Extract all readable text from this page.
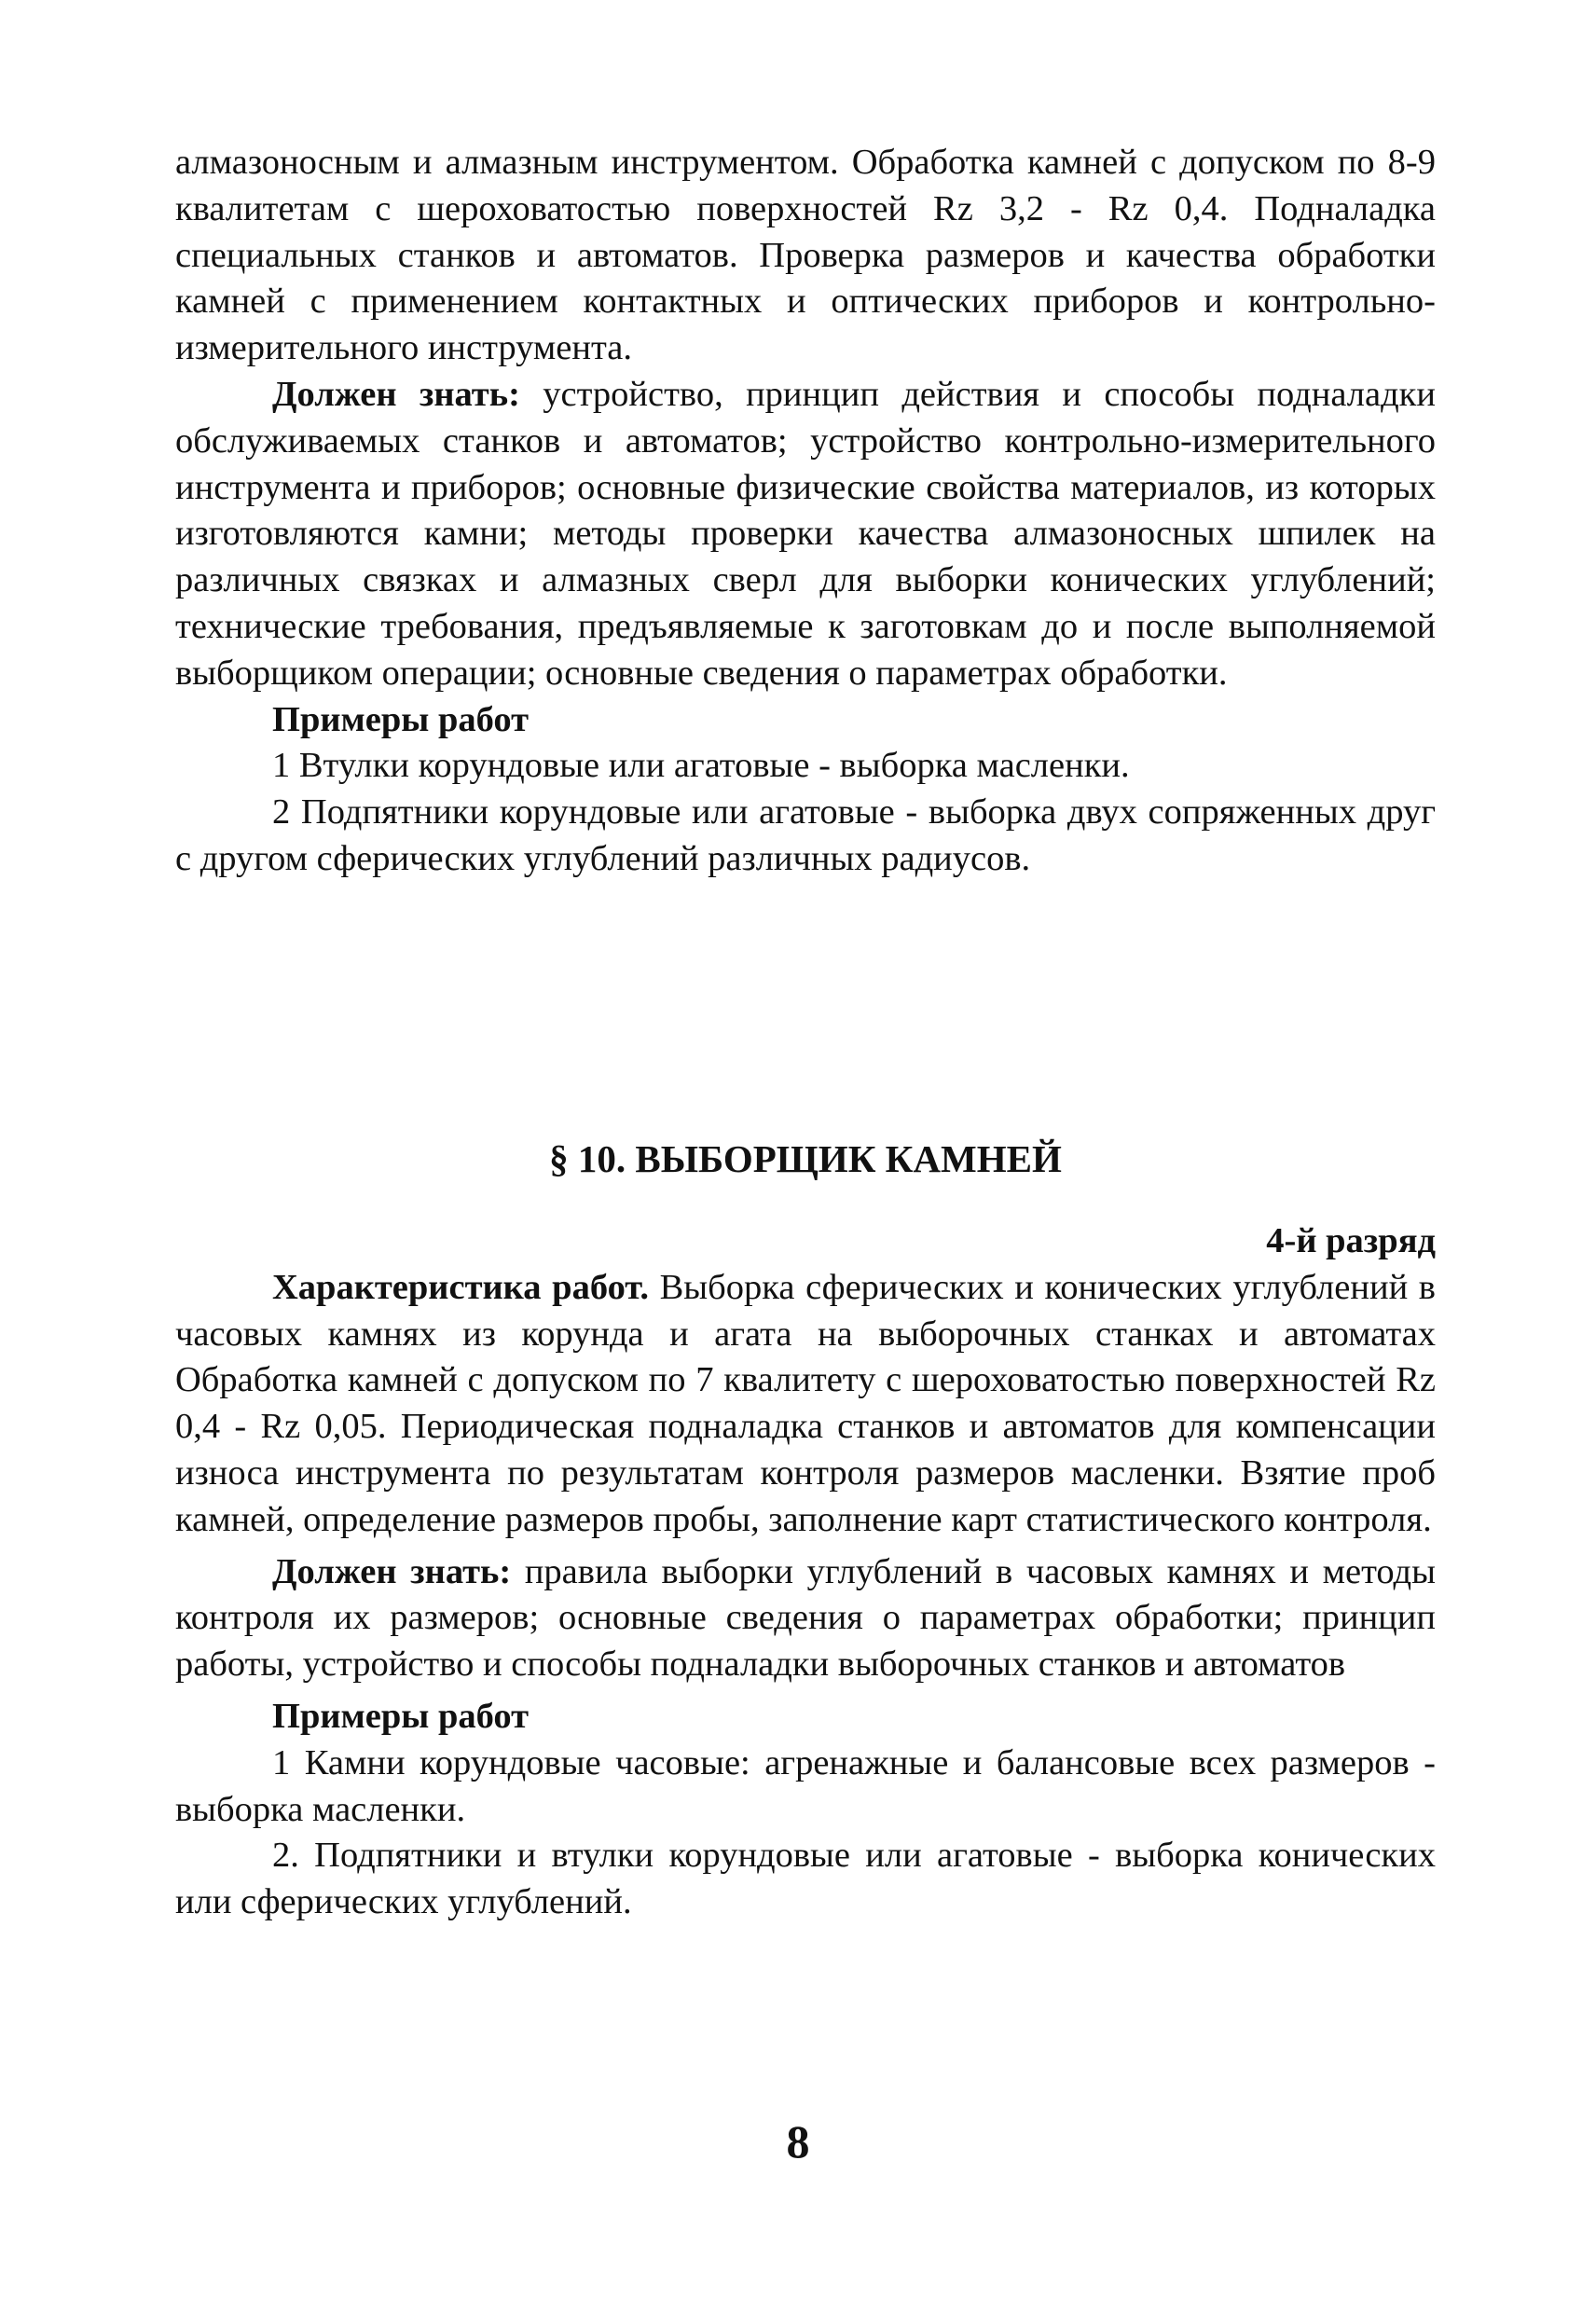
алмазоносным и алмазным инструментом. Обработка камней с допуском по 8-9 квалитетам с шероховатостью поверхностей Rz 3,2 - Rz 0,4. Подналадка специальных станков и автоматов. Проверка размеров и качества обработки камней с применением контактных и оптических приборов и контрольно-измерительного инструмента.

Должен знать: устройство, принцип действия и способы подналадки обслуживаемых станков и автоматов; устройство контрольно-измерительного инструмента и приборов; основные физические свойства материалов, из которых изготовляются камни; методы проверки качества алмазоносных шпилек на различных связках и алмазных сверл для выборки конических углублений; технические требования, предъявляемые к заготовкам до и после выполняемой выборщиком операции; основные сведения о параметрах обработки.

Примеры работ

1 Втулки корундовые или агатовые - выборка масленки.

2 Подпятники корундовые или агатовые - выборка двух сопряженных друг с другом сферических углублений различных радиусов.

§ 10. ВЫБОРЩИК КАМНЕЙ

4-й разряд

Характеристика работ. Выборка сферических и конических углублений в часовых камнях из корунда и агата на выборочных станках и автоматах Обработка камней с допуском по 7 квалитету с шероховатостью поверхностей Rz 0,4 - Rz 0,05. Периодическая подналадка станков и автоматов для компенсации износа инструмента по результатам контроля размеров масленки. Взятие проб камней, определение размеров пробы, заполнение карт статистического контроля.

Должен знать: правила выборки углублений в часовых камнях и методы контроля их размеров; основные сведения о параметрах обработки; принцип работы, устройство и способы подналадки выборочных станков и автоматов

Примеры работ

1 Камни корундовые часовые: агренажные и балансовые всех размеров - выборка масленки.

2. Подпятники и втулки корундовые или агатовые - выборка конических или сферических углублений.

8
